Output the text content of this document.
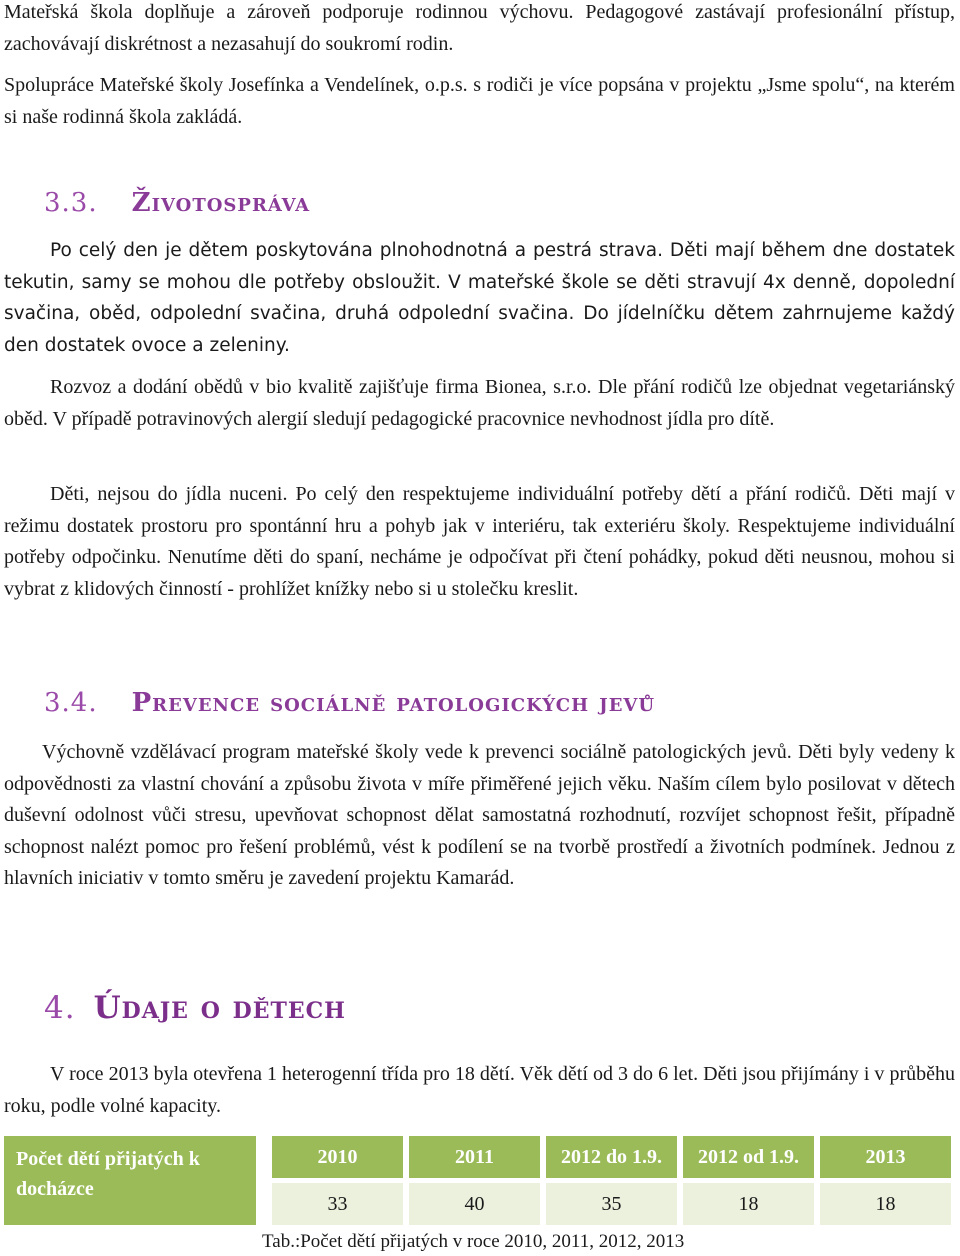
Mateřská škola doplňuje a zároveň podporuje rodinnou výchovu. Pedagogové zastávají profesionální přístup, zachovávají diskrétnost a nezasahují do soukromí rodin.

Spolupráce Mateřské školy Josefínka a Vendelínek, o.p.s. s rodiči je více popsána v projektu „Jsme spolu“, na kterém si naše rodinná škola zakládá.

3.3. Životospráva

Po celý den je dětem poskytována plnohodnotná a pestrá strava. Děti mají během dne dostatek tekutin, samy se mohou dle potřeby obsloužit. V mateřské škole se děti stravují 4x denně, dopolední svačina, oběd, odpolední svačina, druhá odpolední svačina. Do jídelníčku dětem zahrnujeme každý den dostatek ovoce a zeleniny.

Rozvoz a dodání obědů v bio kvalitě zajišťuje firma Bionea, s.r.o. Dle přání rodičů lze objednat vegetariánský oběd. V případě potravinových alergií sledují pedagogické pracovnice nevhodnost jídla pro dítě.

Děti, nejsou do jídla nuceni. Po celý den respektujeme individuální potřeby dětí a přání rodičů. Děti mají v režimu dostatek prostoru pro spontánní hru a pohyb jak v interiéru, tak exteriéru školy. Respektujeme individuální potřeby odpočinku. Nenutíme děti do spaní, necháme je odpočívat při čtení pohádky, pokud děti neusnou, mohou si vybrat z klidových činností - prohlížet knížky nebo si u stolečku kreslit.

3.4. Prevence sociálně patologických jevů

Výchovně vzdělávací program mateřské školy vede k prevenci sociálně patologických jevů. Děti byly vedeny k odpovědnosti za vlastní chování a způsobu života v míře přiměřené jejich věku. Naším cílem bylo posilovat v dětech duševní odolnost vůči stresu, upevňovat schopnost dělat samostatná rozhodnutí, rozvíjet schopnost řešit, případně schopnost nalézt pomoc pro řešení problémů, vést k podílení se na tvorbě prostředí a životních podmínek. Jednou z hlavních iniciativ v tomto směru je zavedení projektu Kamarád.

4. Údaje o dětech

V roce 2013 byla otevřena 1 heterogenní třída pro 18 dětí. Věk dětí od 3 do 6 let. Děti jsou přijímány i v průběhu roku, podle volné kapacity.

Počet dětí přijatých k docházce	2010	2011	2012 do 1.9.	2012 od 1.9.	2013
	33	40	35	18	18
Tab.:Počet dětí přijatých v roce 2010, 2011, 2012, 2013
